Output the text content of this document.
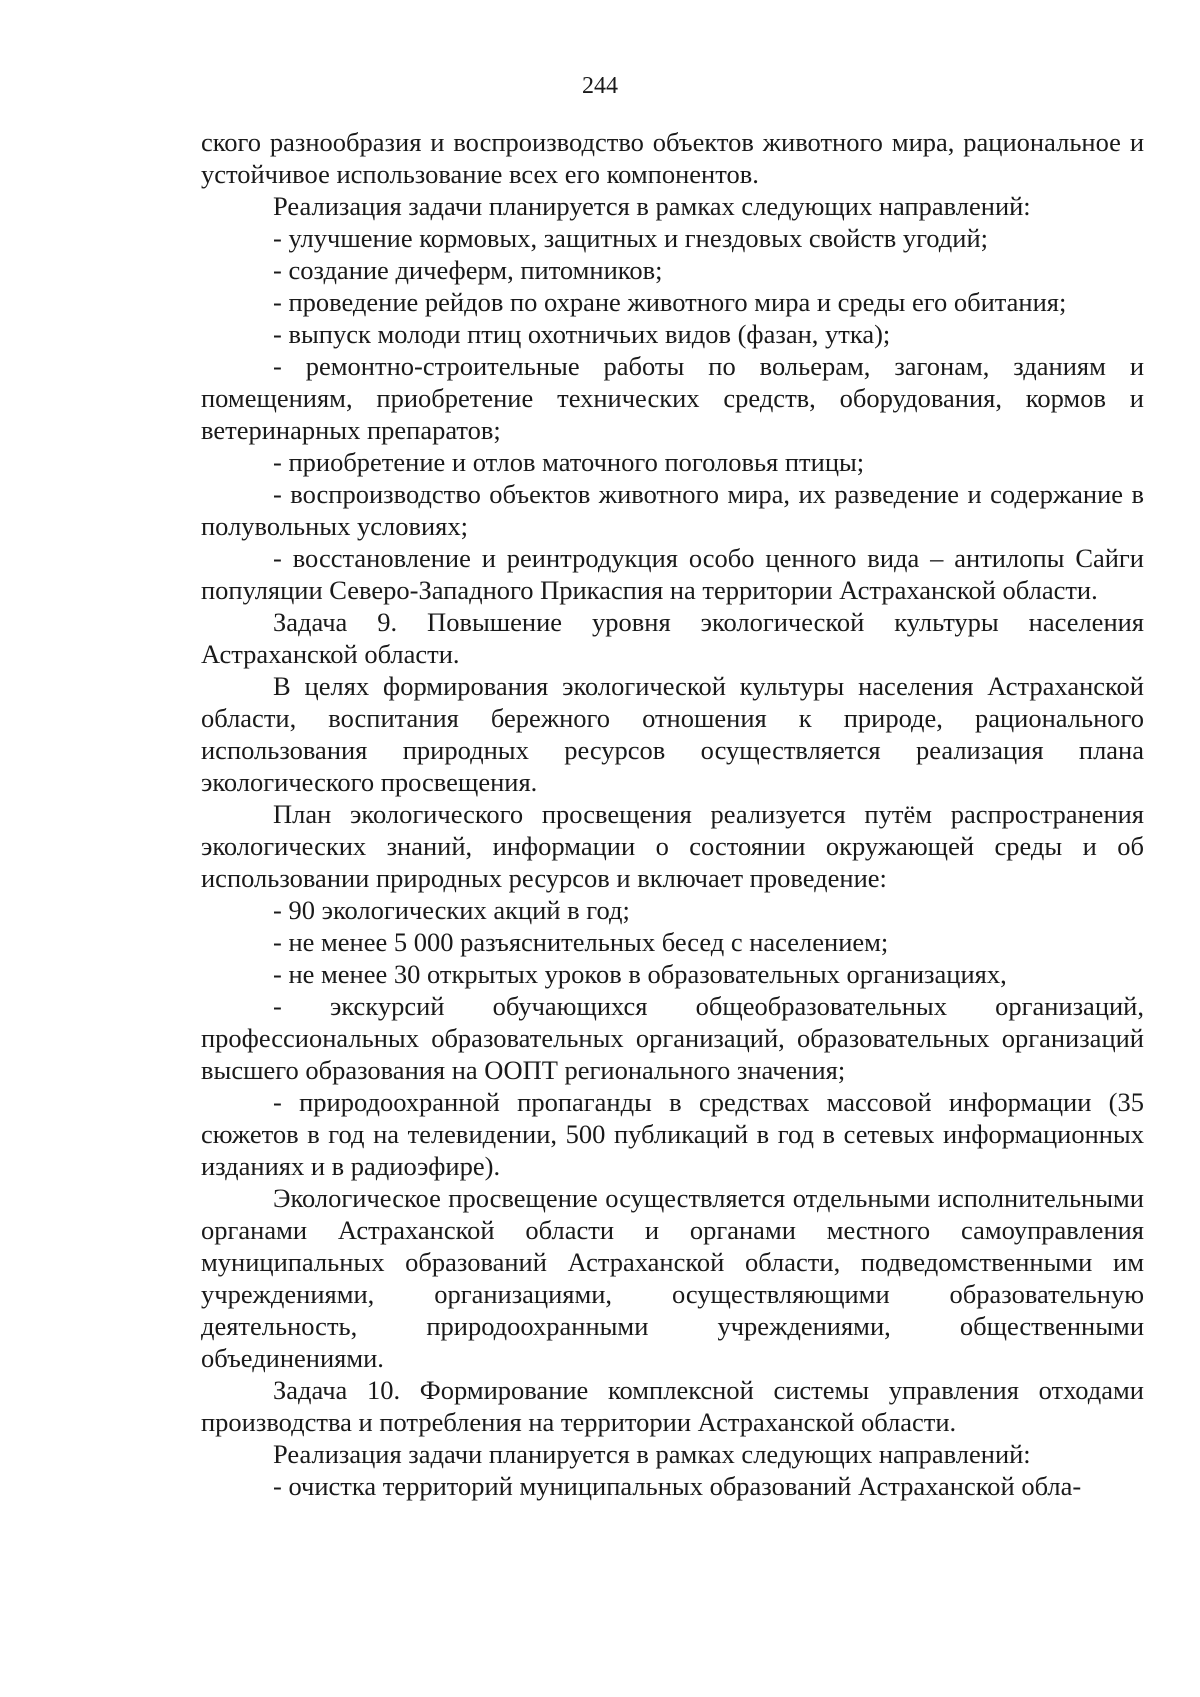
244

ского разнообразия и воспроизводство объектов животного мира, рациональное и устойчивое использование всех его компонентов.

Реализация задачи планируется в рамках следующих направлений:

- улучшение кормовых, защитных и гнездовых свойств угодий;

- создание дичеферм, питомников;

- проведение рейдов по охране животного мира и среды его обитания;

- выпуск молоди птиц охотничьих видов (фазан, утка);

- ремонтно-строительные работы по вольерам, загонам, зданиям и помещениям, приобретение технических средств, оборудования, кормов и ветеринарных препаратов;

- приобретение и отлов маточного поголовья птицы;

- воспроизводство объектов животного мира, их разведение и содержание в полувольных условиях;

- восстановление и реинтродукция особо ценного вида – антилопы Сайги популяции Северо-Западного Прикаспия на территории Астраханской области.

Задача 9. Повышение уровня экологической культуры населения Астраханской области.

В целях формирования экологической культуры населения Астраханской области, воспитания бережного отношения к природе, рационального использования природных ресурсов осуществляется реализация плана экологического просвещения.

План экологического просвещения реализуется путём распространения экологических знаний, информации о состоянии окружающей среды и об использовании природных ресурсов и включает проведение:

- 90 экологических акций в год;

- не менее 5 000 разъяснительных бесед с населением;

- не менее 30 открытых уроков в образовательных организациях,

- экскурсий обучающихся общеобразовательных организаций, профессиональных образовательных организаций, образовательных организаций высшего образования на ООПТ регионального значения;

- природоохранной пропаганды в средствах массовой информации (35 сюжетов в год на телевидении, 500 публикаций в год в сетевых информационных изданиях и в радиоэфире).

Экологическое просвещение осуществляется отдельными исполнительными органами Астраханской области и органами местного самоуправления муниципальных образований Астраханской области, подведомственными им учреждениями, организациями, осуществляющими образовательную деятельность, природоохранными учреждениями, общественными объединениями.

Задача 10. Формирование комплексной системы управления отходами производства и потребления на территории Астраханской области.

Реализация задачи планируется в рамках следующих направлений:

- очистка территорий муниципальных образований Астраханской обла-
